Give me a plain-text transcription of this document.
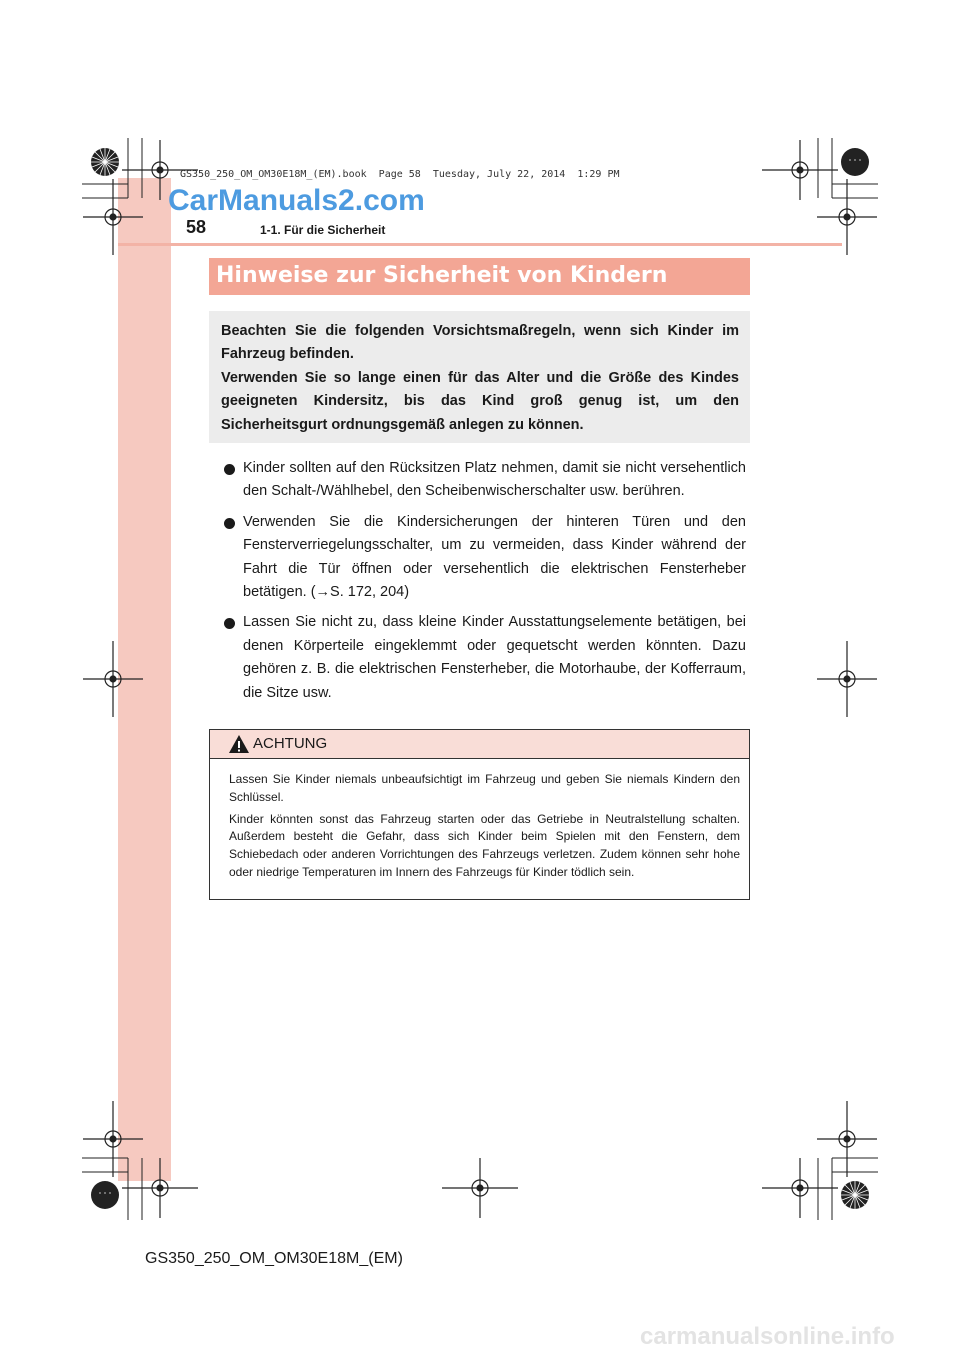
GS350_250_OM_OM30E18M_(EM).book  Page 58  Tuesday, July 22, 2014  1:29 PM
CarManuals2.com
58	1-1. Für die Sicherheit
Hinweise zur Sicherheit von Kindern

Beachten Sie die folgenden Vorsichtsmaßregeln, wenn sich Kinder im Fahrzeug befinden.

Verwenden Sie so lange einen für das Alter und die Größe des Kindes geeigneten Kindersitz, bis das Kind groß genug ist, um den Sicherheitsgurt ordnungsgemäß anlegen zu können.

Kinder sollten auf den Rücksitzen Platz nehmen, damit sie nicht versehentlich den Schalt-/Wählhebel, den Scheibenwischerschalter usw. berühren.
Verwenden Sie die Kindersicherungen der hinteren Türen und den Fensterverriegelungsschalter, um zu vermeiden, dass Kinder während der Fahrt die Tür öffnen oder versehentlich die elektrischen Fensterheber betätigen. (→S. 172, 204)
Lassen Sie nicht zu, dass kleine Kinder Ausstattungselemente betätigen, bei denen Körperteile eingeklemmt oder gequetscht werden könnten. Dazu gehören z. B. die elektrischen Fensterheber, die Motorhaube, der Kofferraum, die Sitze usw.
ACHTUNG

Lassen Sie Kinder niemals unbeaufsichtigt im Fahrzeug und geben Sie niemals Kindern den Schlüssel.

Kinder könnten sonst das Fahrzeug starten oder das Getriebe in Neutralstellung schalten. Außerdem besteht die Gefahr, dass sich Kinder beim Spielen mit den Fenstern, dem Schiebedach oder anderen Vorrichtungen des Fahrzeugs verletzen. Zudem können sehr hohe oder niedrige Temperaturen im Innern des Fahrzeugs für Kinder tödlich sein.

GS350_250_OM_OM30E18M_(EM)
carmanualsonline.info
